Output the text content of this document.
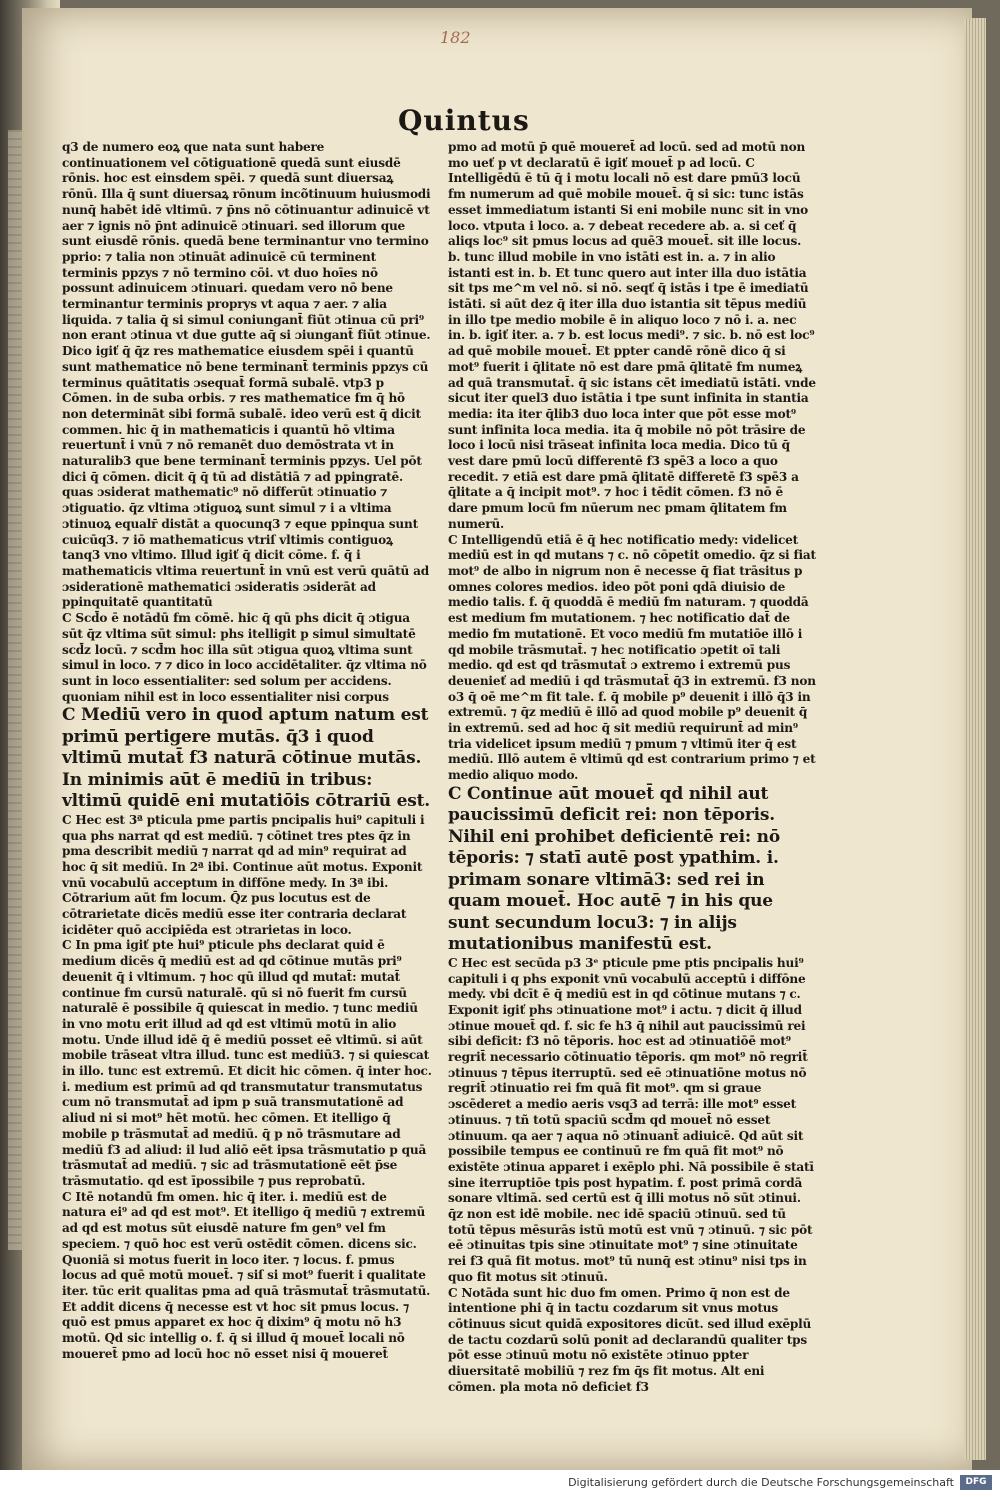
182
Quintus

q3 de numero eoꝝ que nata sunt habere continuationem vel cōtiguationē quedā sunt eiusdē rōnis. hoc est einsdem spēi. ⁊ quedā sunt diuersaꝝ rōnū. Illa q̄ sunt diuersaꝝ rōnum incõtinuum huiusmodi nunq̄ habēt idē vltimū. ⁊ p̄ns nō cōtinuantur adinuicē vt aer ⁊ ignis nō p̄nt adinuicē ɔtinuari. sed illorum que sunt eiusdē rōnis. quedā bene terminantur vno termino pprio: ⁊ talia non ɔtinuāt adinuicē cū terminent terminis ppzys ⁊ nō termino cōi. vt duo hoīes nō possunt adinuicem ɔtinuari. quedam vero nō bene terminantur terminis proprys vt aqua ⁊ aer. ⁊ alia liquida. ⁊ talia q̄ si simul coniungant̄ fiūt ɔtinua cū pri⁹ non erant ɔtinua vt due gutte aq̄ si ɔiungant̄ fiūt ɔtinue. Dico igiť q̄ q̄z res mathematice eiusdem spēi i quantū sunt mathematice nō bene terminant̄ terminis ppzys cū terminus quātitatis ɔsequat̄ formā subalē. vtp3 p Cōmen. in de suba orbis. ⁊ res mathematice fm q̄ hō non determināt sibi formā subalē. ideo verū est q̄ dicit commen. hic q̄ in mathematicis i quantū hō vltima reuertunt̄ i vnū ⁊ nō remanēt duo demōstrata vt in naturalib3 que bene terminant̄ terminis ppzys. Uel pōt dici q̄ cōmen. dicit q̄ q̄ tū ad distātiā ⁊ ad ppingratē. quas ɔsiderat mathematic⁹ nō differūt ɔtinuatio ⁊ ɔtiguatio. q̄z vltima ɔtiguoꝝ sunt simul ⁊ i a vltima ɔtinuoꝝ equalr̄ distāt a quocunq3 ⁊ eque ppinqua sunt cuicūq3. ⁊ iō mathematicus vtriſ vltimis contiguoꝝ tanq3 vno vltimo. Illud igiť q̄ dicit cōme. f. q̄ i mathematicis vltima reuertunt̄ in vnū est verū quātū ad ɔsiderationē mathematici ɔsideratis ɔsiderāt ad ppinquitatē quantitatū

C Scd̄o ē notādū fm cōmē. hic q̄ qū phs dicit q̄ ɔtigua sūt q̄z vltima sūt simul: phs itelligit p simul simultatē scd̄z locū. ⁊ scd̄m hoc illa sūt ɔtigua quoꝝ vltima sunt simul in loco. ⁊ ⁊ dico in loco accidētaliter. q̄z vltima nō sunt in loco essentialiter: sed solum per accidens. quoniam nihil est in loco essentialiter nisi corpus

C Mediū vero in quod aptum natum est primū pertigere mutās. q̄3 i quod vltimū mutat̄ f3 naturā cōtinue mutās. In minimis aūt ē mediū in tribus: vltimū quidē eni mutatiōis cōtrariū est.

C Hec est 3ª pticula pme partis pncipalis hui⁹ capituli i qua phs narrat qd est mediū. ⁊ cōtinet tres ptes q̄z in pma describit mediū ⁊ narrat qd ad min⁹ requirat ad hoc q̄ sit mediū. In 2ª ibi. Continue aūt motus. Exponit vnū vocabulū acceptum in diffōne medy. In 3ª ibi. Cōtrarium aūt fm locum. Q̄z pus locutus est de cōtrarietate dicēs mediū esse iter contraria declarat icidēter quō accipiēda est ɔtrarietas in loco.

C In pma igiť pte hui⁹ pticule phs declarat quid ē medium dicēs q̄ mediū est ad qd cōtinue mutās pri⁹ deuenit q̄ i vltimum. ⁊ hoc qū illud qd mutat̄: mutat̄ continue fm cursū naturalē. qū si nō fuerit fm cursū naturalē ē possibile q̄ quiescat in medio. ⁊ tunc mediū in vno motu erit illud ad qd est vltimū motū in alio motu. Unde illud idē q̄ ē mediū posset eē vltimū. si aūt mobile trāseat vltra illud. tunc est mediū3. ⁊ si quiescat in illo. tunc est extremū. Et dicit hic cōmen. q̄ inter hoc. i. medium est primū ad qd transmutatur transmutatus cum nō transmutat̄ ad ipm p suā transmutationē ad aliud ni si mot⁹ hēt motū. hec cōmen. Et itelligo q̄ mobile p trāsmutat̄ ad mediū. q̄ p nō trāsmutare ad mediū f3 ad aliud: il lud aliō eēt ipsa trāsmutatio p quā trāsmutat̄ ad mediū. ⁊ sic ad trāsmutationē eēt p̄se trāsmutatio. qd est īpossibile ⁊ pus reprobatū.

C Itē notandū fm omen. hic q̄ iter. i. mediū est de natura ei⁹ ad qd est mot⁹. Et itelligo q̄ mediū ⁊ extremū ad qd est motus sūt eiusdē nature fm gen⁹ vel fm speciem. ⁊ quō hoc est verū ostēdit cōmen. dicens sic. Quoniā si motus fuerit in loco iter. ⁊ locus. f. pmus locus ad quē motū mouet̄. ⁊ siſ si mot⁹ fuerit i qualitate iter. tūc erit qualitas pma ad quā trāsmutat̄ trāsmutatū. Et addit dicens q̄ necesse est vt hoc sit pmus locus. ⁊ quō est pmus apparet ex hoc q̄ dixim⁹ q̄ motu nō h3 motū. Qd sic intellig o. f. q̄ si illud q̄ mouet̄ locali nō moueret̄ pmo ad locū hoc nō esset nisi q̄ moueret̄

pmo ad motū p̄ quē moueret̄ ad locū. sed ad motū non mo ueť p vt declaratū ē igiť mouet̄ p ad locū. C Intelligēdū ē tū q̄ i motu locali nō est dare pmū3 locū fm numerum ad quē mobile mouet̄. q̄ si sic: tunc istās esset immediatum istanti Si eni mobile nunc sit in vno loco. vtputa i loco. a. ⁊ debeat recedere ab. a. si ceť q̄ aliqs loc⁹ sit pmus locus ad quē3 mouet̄. sit ille locus. b. tunc illud mobile in vno istāti est in. a. ⁊ in alio istanti est in. b. Et tunc quero aut inter illa duo istātia sit tps me^m vel nō. si nō. seqť q̄ istās i tpe ē imediatū istāti. si aūt dez q̄ iter illa duo istantia sit tēpus mediū in illo tpe medio mobile ē in aliquo loco ⁊ nō i. a. nec in. b. igiť iter. a. ⁊ b. est locus medi⁹. ⁊ sic. b. nō est loc⁹ ad quē mobile mouet̄. Et ppter candē rōnē dico q̄ si mot⁹ fuerit i q̄litate nō est dare pmā q̄litatē fm numeꝝ ad quā transmutat̄. q̄ sic istans cēt imediatū istāti. vnde sicut iter quel3 duo istātia i tpe sunt infinita in stantia media: ita iter q̄lib3 duo loca inter que pōt esse mot⁹ sunt infinita loca media. ita q̄ mobile nō pōt trāsire de loco i locū nisi trāseat infinita loca media. Dico tū q̄ vest dare pmū locū differentē f3 spē3 a loco a quo recedit. ⁊ etiā est dare pmā q̄litatē differetē f3 spē3 a q̄litate a q̄ incipit mot⁹. ⁊ hoc i tēdit cōmen. f3 nō ē dare pmum locū fm nūerum nec pmam q̄litatem fm numerū.

C Intelligendū etiā ē q̄ hec notificatio medy: videlicet mediū est in qd mutans ⁊ c. nō cōpetit omedio. q̄z si fiat mot⁹ de albo in nigrum non ē necesse q̄ fiat trāsitus p omnes colores medios. ideo pōt poni qdā diuisio de medio talis. f. q̄ quoddā ē mediū fm naturam. ⁊ quoddā est medium fm mutationem. ⁊ hec notificatio dat̄ de medio fm mutationē. Et voco mediū fm mutatiōe illō i qd mobile trāsmutat̄. ⁊ hec notificatio ɔpetit oī tali medio. qd est qd trāsmutat̄ ɔ extremo i extremū pus deuenieť ad mediū i qd trāsmutat̄ q̄3 in extremū. f3 non o3 q̄ oē me^m fit tale. f. q̄ mobile p⁹ deuenit i illō q̄3 in extremū. ⁊ q̄z mediū ē illō ad quod mobile p⁹ deuenit q̄ in extremū. sed ad hoc q̄ sit mediū requirunt̄ ad min⁹ tria videlicet ipsum mediū ⁊ pmum ⁊ vltimū iter q̄ est mediū. Illō autem ē vltimū qd est contrarium primo ⁊ et medio aliquo modo.

C Continue aūt mouet̄ qd nihil aut paucissimū deficit rei: non tēporis. Nihil eni prohibet deficientē rei: nō tēporis: ⁊ statī autē post ypathim. i. primam sonare vltimā3: sed rei in quam mouet̄. Hoc autē ⁊ in his que sunt secundum locu3: ⁊ in alijs mutationibus manifestū est.

C Hec est secūda p3 3ᵉ pticule pme ptis pncipalis hui⁹ capituli i q phs exponit vnū vocabulū acceptū i diffōne medy. vbi dcīt ē q̄ mediū est in qd cōtinue mutans ⁊ c. Exponit igiť phs ɔtinuatione mot⁹ i actu. ⁊ dicit q̄ illud ɔtinue mouet̄ qd. f. sic fe h3 q̄ nihil aut paucissimū rei sibi deficit: f3 nō tēporis. hoc est ad ɔtinuatiōē mot⁹ regrit̄ necessario cōtinuatio tēporis. qm mot⁹ nō regrit̄ ɔtinuus ⁊ tēpus iterruptū. sed eē ɔtinuatiōne motus nō regrit̄ ɔtinuatio rei fm quā fit mot⁹. qm si graue ɔscēderet a medio aeris vsq3 ad terrā: ille mot⁹ esset ɔtinuus. ⁊ tñ totū spaciū scd̄m qd mouet̄ nō esset ɔtinuum. qa aer ⁊ aqua nō ɔtinuant̄ adiuicē. Qd aūt sit possibile tempus ee continuū re fm quā fit mot⁹ nō existēte ɔtinua apparet i exēplo phi. Nā possibile ē statī sine iterruptiōe tpis post hypatim. f. post primā cordā sonare vltimā. sed certū est q̄ illi motus nō sūt ɔtinui. q̄z non est idē mobile. nec idē spaciū ɔtinuū. sed tū totū tēpus mēsurās istū motū est vnū ⁊ ɔtinuū. ⁊ sic pōt eē ɔtinuitas tpis sine ɔtinuitate mot⁹ ⁊ sine ɔtinuitate rei f3 quā fit motus. mot⁹ tū nunq̄ est ɔtinu⁹ nisi tps in quo fit motus sit ɔtinuū.

C Notāda sunt hic duo fm omen. Primo q̄ non est de intentione phi q̄ in tactu cozdarum sit vnus motus cōtinuus sicut quidā expositores dicūt. sed illud exēplū de tactu cozdarū solū ponit ad declarandū qualiter tps pōt esse ɔtinuū motu nō existēte ɔtinuo ppter diuersitatē mobiliū ⁊ rez fm q̄s fit motus. Alt eni cōmen. pla mota nō deficiet f3

Digitalisierung gefördert durch die Deutsche Forschungsgemeinschaft	DFG
